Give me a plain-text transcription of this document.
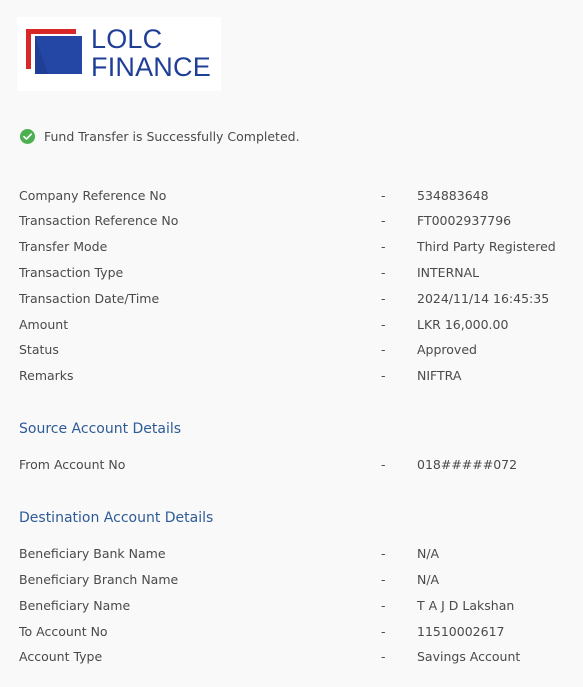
LOLC
FINANCE
Fund Transfer is Successfully Completed.
Company Reference No	-	534883648
Transaction Reference No	-	FT0002937796
Transfer Mode	-	Third Party Registered
Transaction Type	-	INTERNAL
Transaction Date/Time	-	2024/11/14 16:45:35
Amount	-	LKR 16,000.00
Status	-	Approved
Remarks	-	NIFTRA
Source Account Details
From Account No	-	018#####072
Destination Account Details
Beneficiary Bank Name	-	N/A
Beneficiary Branch Name	-	N/A
Beneficiary Name	-	T A J D Lakshan
To Account No	-	11510002617
Account Type	-	Savings Account
